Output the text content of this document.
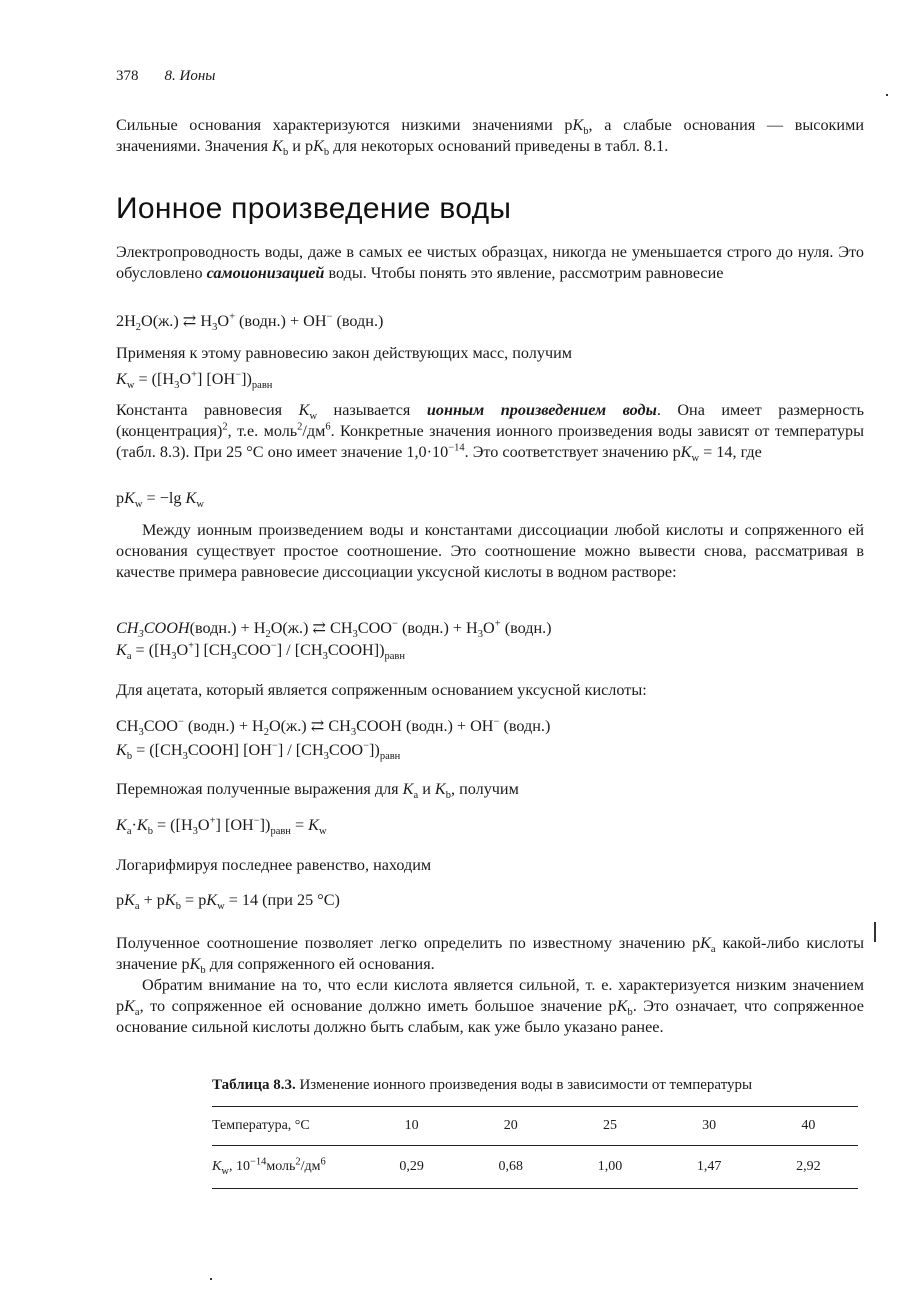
378 8. Ионы
Сильные основания характеризуются низкими значениями $pK_b$, а слабые основания — высокими значениями. Значения $K_b$ и $pK_b$ для некоторых оснований приведены в табл. 8.1.
Ионное произведение воды
Электропроводность воды, даже в самых ее чистых образцах, никогда не уменьшается строго до нуля. Это обусловлено самоионизацией воды. Чтобы понять это явление, рассмотрим равновесие
$2H_2O(ж.)$ ⇄ $H_3O^+$ (водн.) + OH− (водн.)
Применяя к этому равновесию закон действующих масс, получим
$K_w = ([H_3O^+]$ $[OH^-])_{равн}$
Константа равновесия $K_w$ называется ионным произведением воды. Она имеет размерность (концентрация)$^2$, т.е. $моль^2/дм^6$. Конкретные значения ионного произведения воды зависят от температуры (табл. 8.3). При 25 °C оно имеет значение $1,0\cdot 10^{-14}$. Это соответствует значению $pK_w = 14$, где
$pK_w = -\lg$ $K_w$
Между ионным произведением воды и константами диссоциации любой кислоты и сопряженного ей основания существует простое соотношение. Это соотношение можно вывести снова, рассматривая в качестве примера равновесие диссоциации уксусной кислоты в водном растворе:
$CH_3COOH(водн.) + H_2O(ж.)$ ⇄ $CH_3COO^-$ (водн.) + $H_3O^+$ (водн.)
$K_a = ([H_3O^+]$ $[CH_3COO^-]$ / $[CH_3COOH])_{равн}$
Для ацетата, который является сопряженным основанием уксусной кислоты:
$CH_3COO^-$ (водн.) + $H_2O(ж.)$ ⇄ $CH_3COOH$ (водн.) + OH− (водн.)
$K_b$ = ($[CH_3COOH]$ $[OH^-] / [CH_3COO^-])_{равн}$
Перемножая полученные выражения для $K_a$ и $K_b$, получим
$K_a\cdot K_b = ([H_3O^+] [OH^-])_{равн} = K_w$
Логарифмируя последнее равенство, находим
$pK_a + pK_b = pK_w = 14$ (при 25 °C)
Полученное соотношение позволяет легко определить по известному значению $pK_a$ какой-либо кислоты значение $pK_b$ для сопряженного ей основания.
Обратим внимание на то, что если кислота является сильной, т. е. характеризуется низким значением $pK_a$, то сопряженное ей основание должно иметь большое значение $pK_b$. Это означает, что сопряженное основание сильной кислоты должно быть слабым, как уже было указано ранее.
Таблица 8.3. Изменение ионного произведения воды в зависимости от температуры
Температура, °C	10	20	25	30	40
$K_w$, $10^{-14}моль^2/дм^6$	0,29	0,68	1,00	1,47	2,92
